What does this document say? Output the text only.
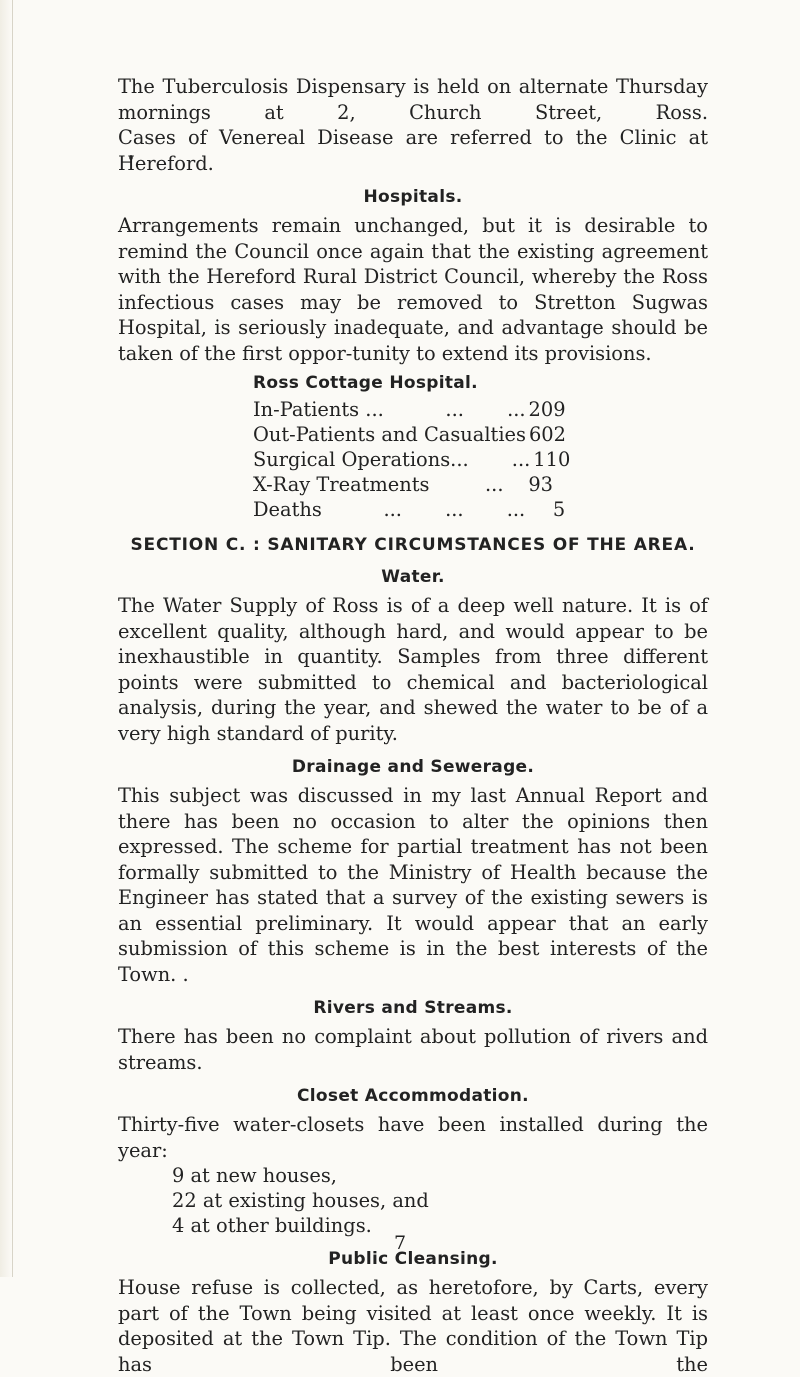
The Tuberculosis Dispensary is held on alternate Thursday mornings at 2, Church Street, Ross.

Cases of Venereal Disease are referred to the Clinic at Hereford.

Hospitals.

Arrangements remain unchanged, but it is desirable to remind the Council once again that the existing agreement with the Hereford Rural District Council, whereby the Ross infectious cases may be removed to Stretton Sugwas Hospital, is seriously inadequate, and advantage should be taken of the first oppor-tunity to extend its provisions.

Ross Cottage Hospital.
In-Patients ...          ...       ... 209
Out-Patients and Casualties 602
Surgical Operations...       ... 110
X-Ray Treatments         ...	93
Deaths          ...       ...       ...	5
SECTION C. : SANITARY CIRCUMSTANCES OF THE AREA.
Water.

The Water Supply of Ross is of a deep well nature. It is of excellent quality, although hard, and would appear to be inexhaustible in quantity. Samples from three different points were submitted to chemical and bacteriological analysis, during the year, and shewed the water to be of a very high standard of purity.

Drainage and Sewerage.

This subject was discussed in my last Annual Report and there has been no occasion to alter the opinions then expressed. The scheme for partial treatment has not been formally submitted to the Ministry of Health because the Engineer has stated that a survey of the existing sewers is an essential preliminary. It would appear that an early submission of this scheme is in the best interests of the Town. .

Rivers and Streams.

There has been no complaint about pollution of rivers and streams.

Closet Accommodation.

Thirty-five water-closets have been installed during the year:

9 at new houses,
22 at existing houses, and
4 at other buildings.
Public Cleansing.

House refuse is collected, as heretofore, by Carts, every part of the Town being visited at least once weekly. It is deposited at the Town Tip. The condition of the Town Tip has been the

7
